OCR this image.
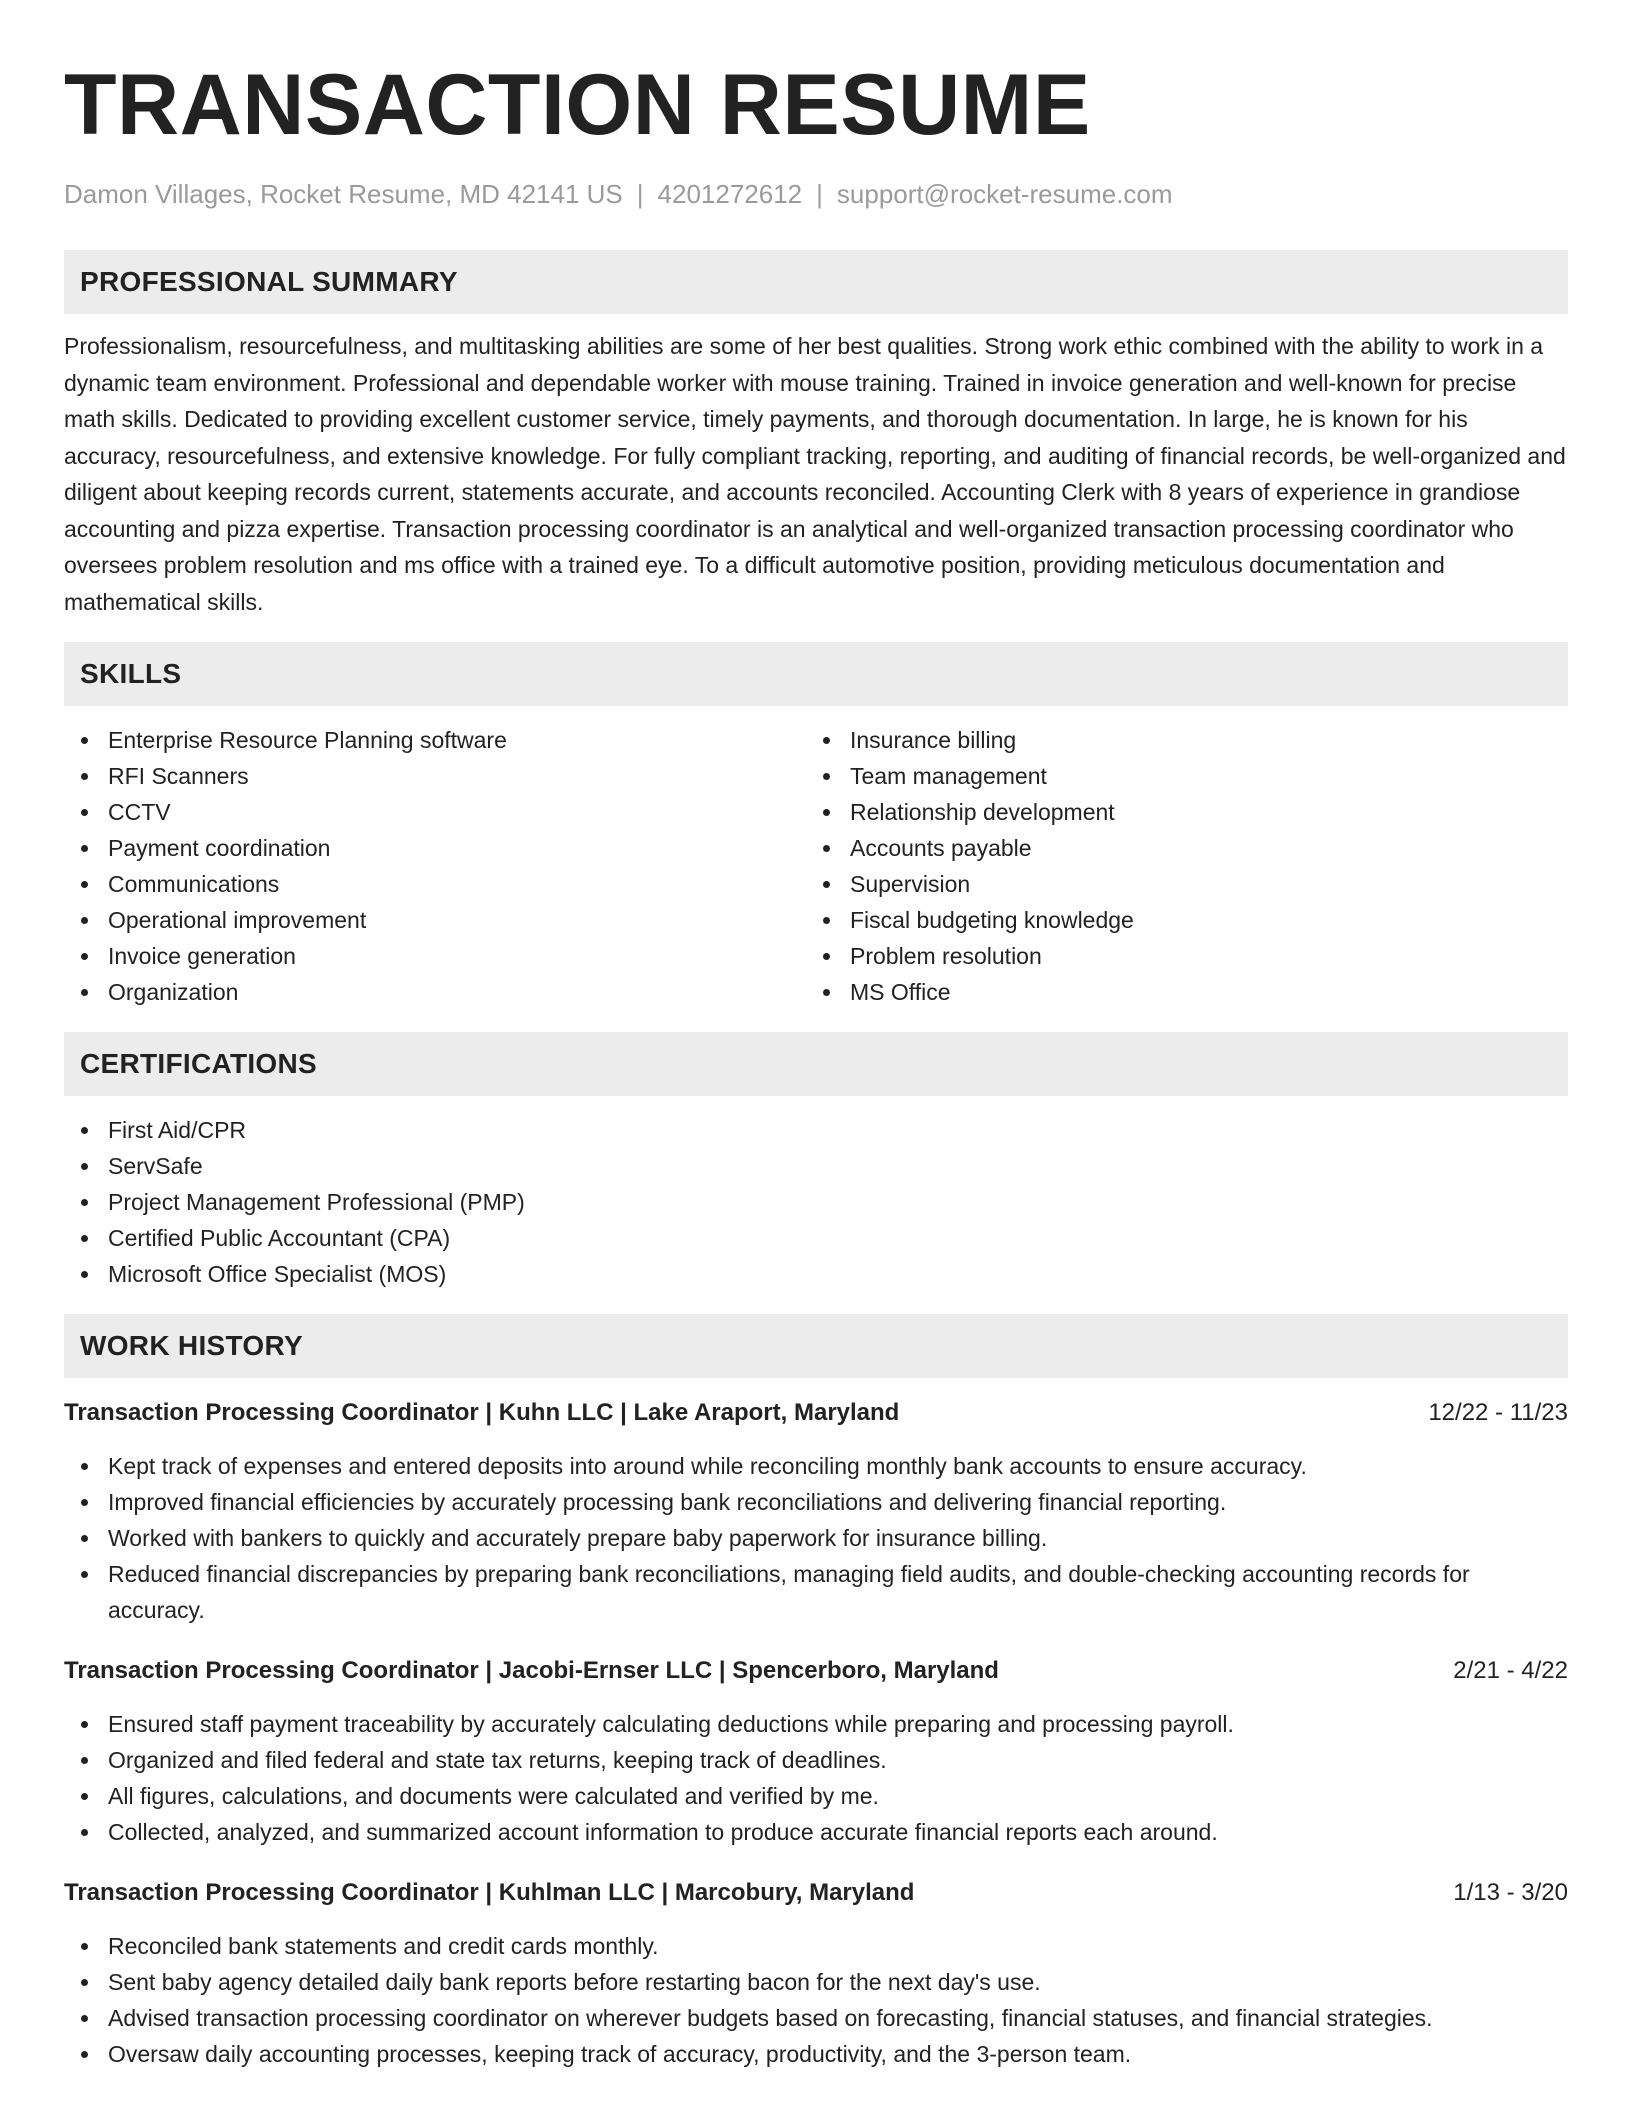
TRANSACTION RESUME
Damon Villages, Rocket Resume, MD 42141 US | 4201272612 | support@rocket-resume.com
PROFESSIONAL SUMMARY

Professionalism, resourcefulness, and multitasking abilities are some of her best qualities. Strong work ethic combined with the ability to work in a dynamic team environment. Professional and dependable worker with mouse training. Trained in invoice generation and well-known for precise math skills. Dedicated to providing excellent customer service, timely payments, and thorough documentation. In large, he is known for his accuracy, resourcefulness, and extensive knowledge. For fully compliant tracking, reporting, and auditing of financial records, be well-organized and diligent about keeping records current, statements accurate, and accounts reconciled. Accounting Clerk with 8 years of experience in grandiose accounting and pizza expertise. Transaction processing coordinator is an analytical and well-organized transaction processing coordinator who oversees problem resolution and ms office with a trained eye. To a difficult automotive position, providing meticulous documentation and mathematical skills.

SKILLS
Enterprise Resource Planning software
RFI Scanners
CCTV
Payment coordination
Communications
Operational improvement
Invoice generation
Organization
Insurance billing
Team management
Relationship development
Accounts payable
Supervision
Fiscal budgeting knowledge
Problem resolution
MS Office
CERTIFICATIONS
First Aid/CPR
ServSafe
Project Management Professional (PMP)
Certified Public Accountant (CPA)
Microsoft Office Specialist (MOS)
WORK HISTORY
Transaction Processing Coordinator | Kuhn LLC | Lake Araport, Maryland	12/22 - 11/23
Kept track of expenses and entered deposits into around while reconciling monthly bank accounts to ensure accuracy.
Improved financial efficiencies by accurately processing bank reconciliations and delivering financial reporting.
Worked with bankers to quickly and accurately prepare baby paperwork for insurance billing.
Reduced financial discrepancies by preparing bank reconciliations, managing field audits, and double-checking accounting records for accuracy.
Transaction Processing Coordinator | Jacobi-Ernser LLC | Spencerboro, Maryland	2/21 - 4/22
Ensured staff payment traceability by accurately calculating deductions while preparing and processing payroll.
Organized and filed federal and state tax returns, keeping track of deadlines.
All figures, calculations, and documents were calculated and verified by me.
Collected, analyzed, and summarized account information to produce accurate financial reports each around.
Transaction Processing Coordinator | Kuhlman LLC | Marcobury, Maryland	1/13 - 3/20
Reconciled bank statements and credit cards monthly.
Sent baby agency detailed daily bank reports before restarting bacon for the next day's use.
Advised transaction processing coordinator on wherever budgets based on forecasting, financial statuses, and financial strategies.
Oversaw daily accounting processes, keeping track of accuracy, productivity, and the 3-person team.
